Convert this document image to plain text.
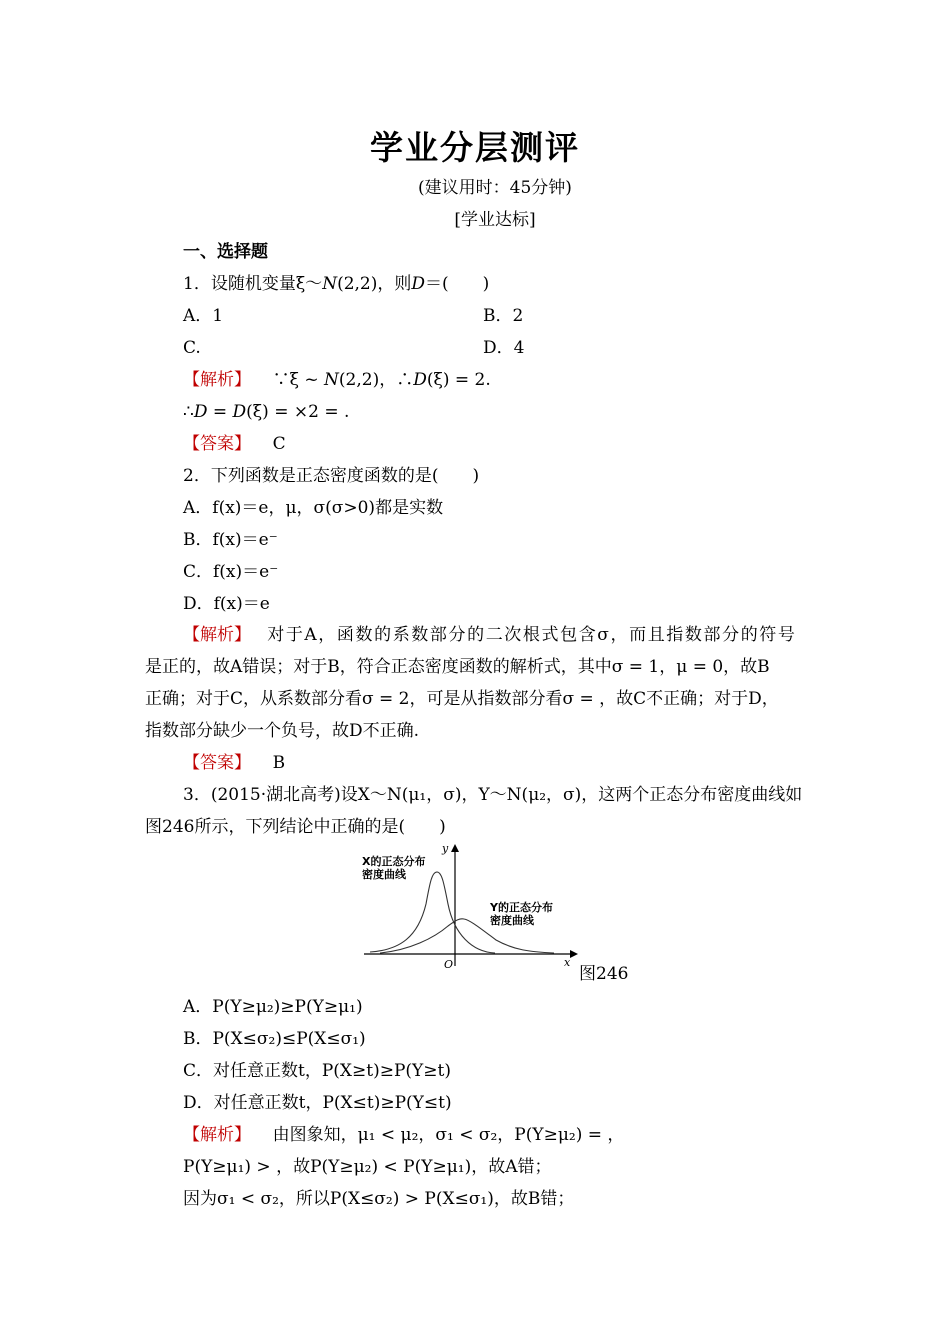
学业分层测评
(建议用时：45分钟)
[学业达标]
一、选择题
1．设随机变量ξ～N(2,2)，则D＝(　　)
A．1	B．2
C.	D．4
【解析】 ∵ξ ~ N(2,2)，∴D(ξ) = 2.
∴D = D(ξ) = ×2 = .
【答案】 C
2．下列函数是正态密度函数的是(　　)
A．f(x)＝e，μ，σ(σ>0)都是实数
B．f(x)＝e⁻
C．f(x)＝e⁻
D．f(x)＝e
【解析】 对于A，函数的系数部分的二次根式包含σ，而且指数部分的符号
是正的，故A错误；对于B，符合正态密度函数的解析式，其中σ = 1，μ = 0，故B
正确；对于C，从系数部分看σ = 2，可是从指数部分看σ = ，故C不正确；对于D，
指数部分缺少一个负号，故D不正确.
【答案】 B
3．(2015·湖北高考)设X～N(μ₁，σ)，Y～N(μ₂，σ)，这两个正态分布密度曲线如
图246所示，下列结论中正确的是(　　)
X的正态分布
密度曲线
Y的正态分布
密度曲线
y
x
O	图246
A．P(Y≥μ₂)≥P(Y≥μ₁)
B．P(X≤σ₂)≤P(X≤σ₁)
C．对任意正数t，P(X≥t)≥P(Y≥t)
D．对任意正数t，P(X≤t)≥P(Y≤t)
【解析】 由图象知，μ₁ < μ₂，σ₁ < σ₂，P(Y≥μ₂) = ，
P(Y≥μ₁) > ，故P(Y≥μ₂) < P(Y≥μ₁)，故A错；
因为σ₁ < σ₂，所以P(X≤σ₂) > P(X≤σ₁)，故B错；
